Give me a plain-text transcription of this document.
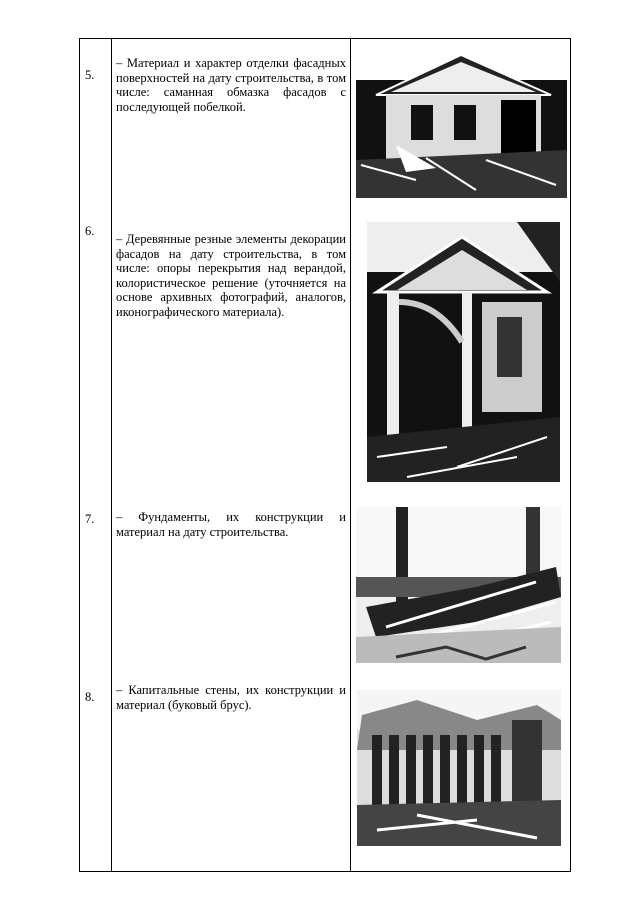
5.
– Материал и характер отделки фасадных поверхностей на дату строительства, в том числе: саманная обмазка фасадов с последующей побелкой.
6.
– Деревянные резные элементы декорации фасадов на дату строительства, в том числе: опоры перекрытия над верандой, колористическое решение (уточняется на основе архивных фотографий, аналогов, иконографического материала).
7.	– Фундаменты, их конструкции и материал на дату строительства.
8.	– Капитальные стены, их конструкции и материал (буковый брус).
